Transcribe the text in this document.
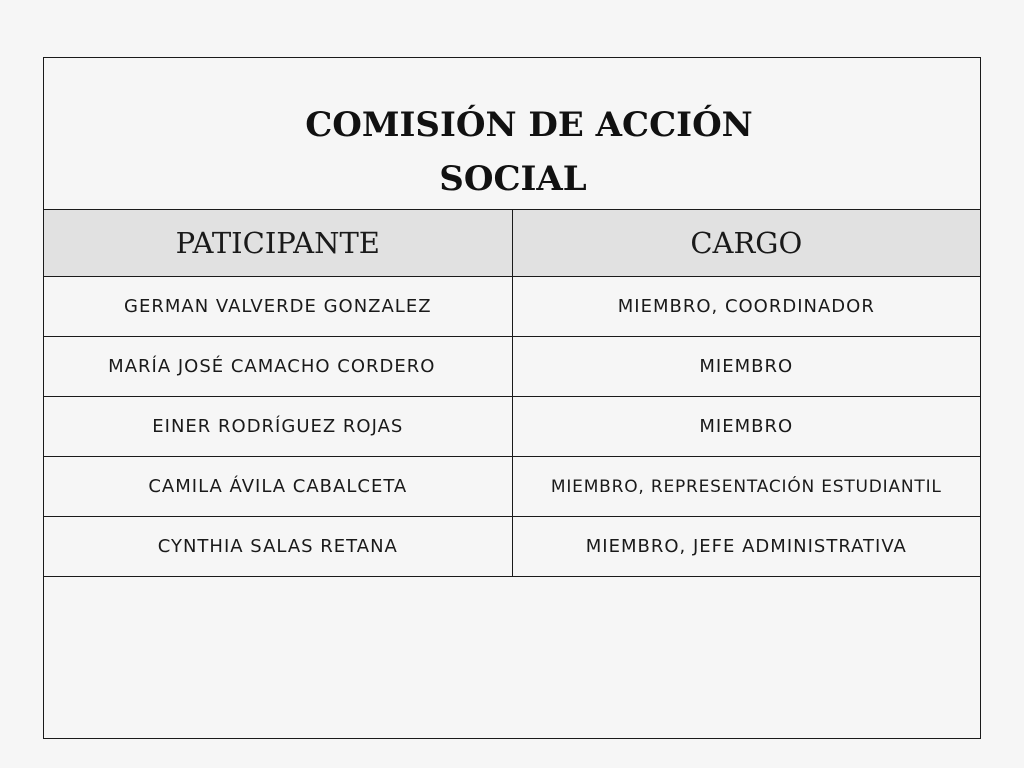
COMISIÓN DE ACCIÓN
SOCIAL
PATICIPANTE	CARGO
GERMAN VALVERDE GONZALEZ	MIEMBRO, COORDINADOR
MARÍA JOSÉ CAMACHO CORDERO	MIEMBRO
EINER RODRÍGUEZ ROJAS	MIEMBRO
CAMILA ÁVILA CABALCETA	MIEMBRO, REPRESENTACIÓN ESTUDIANTIL
CYNTHIA SALAS RETANA	MIEMBRO, JEFE ADMINISTRATIVA
